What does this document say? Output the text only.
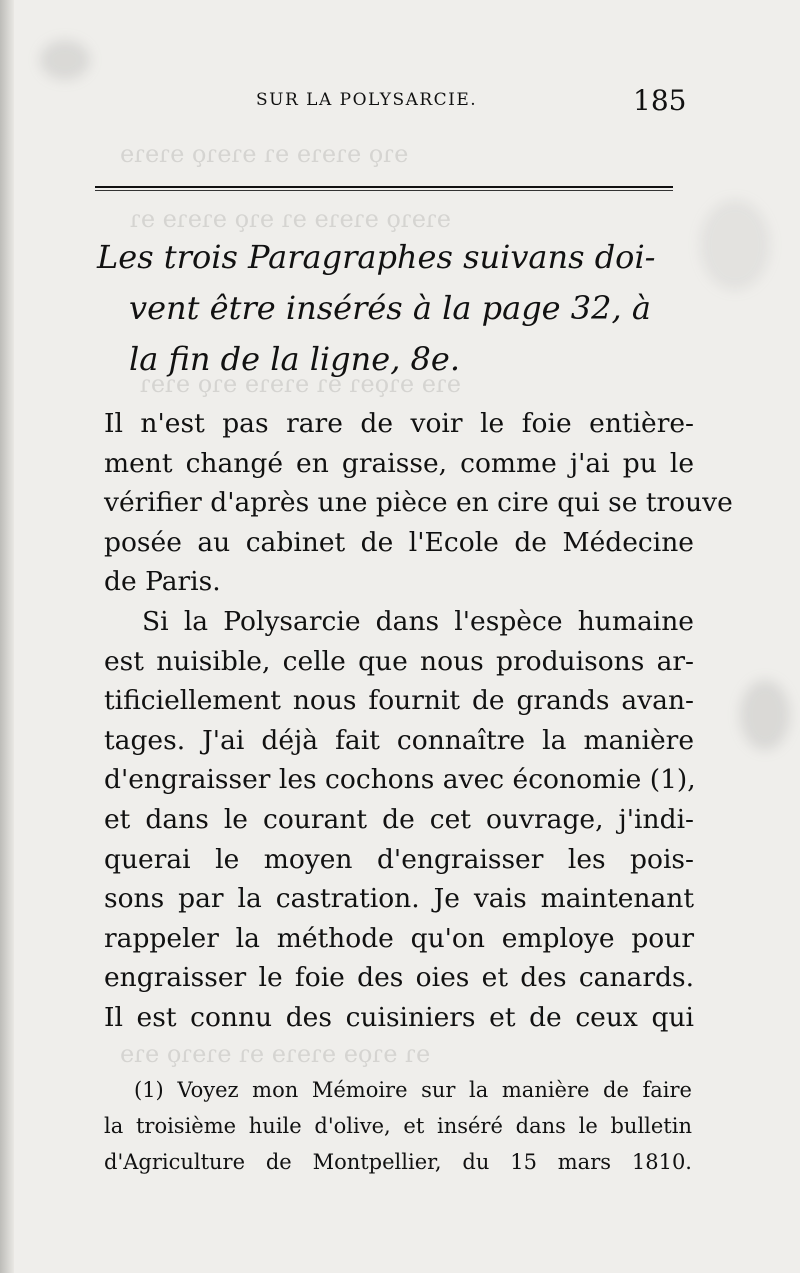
ɘɿǫ ɘɿɘɿɘ ɘɿ ɘɿɘɿǫ ɘɿɘɿɘ
ɘɿɘɿǫ ɘɿɘɿɘ ɘɿ ɘɿǫ ɘɿɘɿɘ ɘɿ
ɘɿɘ ɘɿǫɘɿ ɘɿ ɘɿɘɿɘ ɘɿǫ ɘɿɘɿ
ɘɿ ɘɿǫɘ ɘɿɘɿɘ ɘɿ ɘɿɘɿǫ ɘɿɘ
SUR LA POLYSARCIE.	185
Les trois Paragraphes suivans doi-
vent être insérés à la page 32, à
la fin de la ligne, 8e.
Il n'est pas rare de voir le foie entière-
ment changé en graisse, comme j'ai pu le
vérifier d'après une pièce en cire qui se trouve
posée au cabinet de l'Ecole de Médecine
de Paris.
Si la Polysarcie dans l'espèce humaine
est nuisible, celle que nous produisons ar-
tificiellement nous fournit de grands avan-
tages. J'ai déjà fait connaître la manière
d'engraisser les cochons avec économie (1),
et dans le courant de cet ouvrage, j'indi-
querai le moyen d'engraisser les pois-
sons par la castration. Je vais maintenant
rappeler la méthode qu'on employe pour
engraisser le foie des oies et des canards.
Il est connu des cuisiniers et de ceux qui
(1) Voyez mon Mémoire sur la manière de faire
la troisième huile d'olive, et inséré dans le bulletin
d'Agriculture de Montpellier, du 15 mars 1810.
